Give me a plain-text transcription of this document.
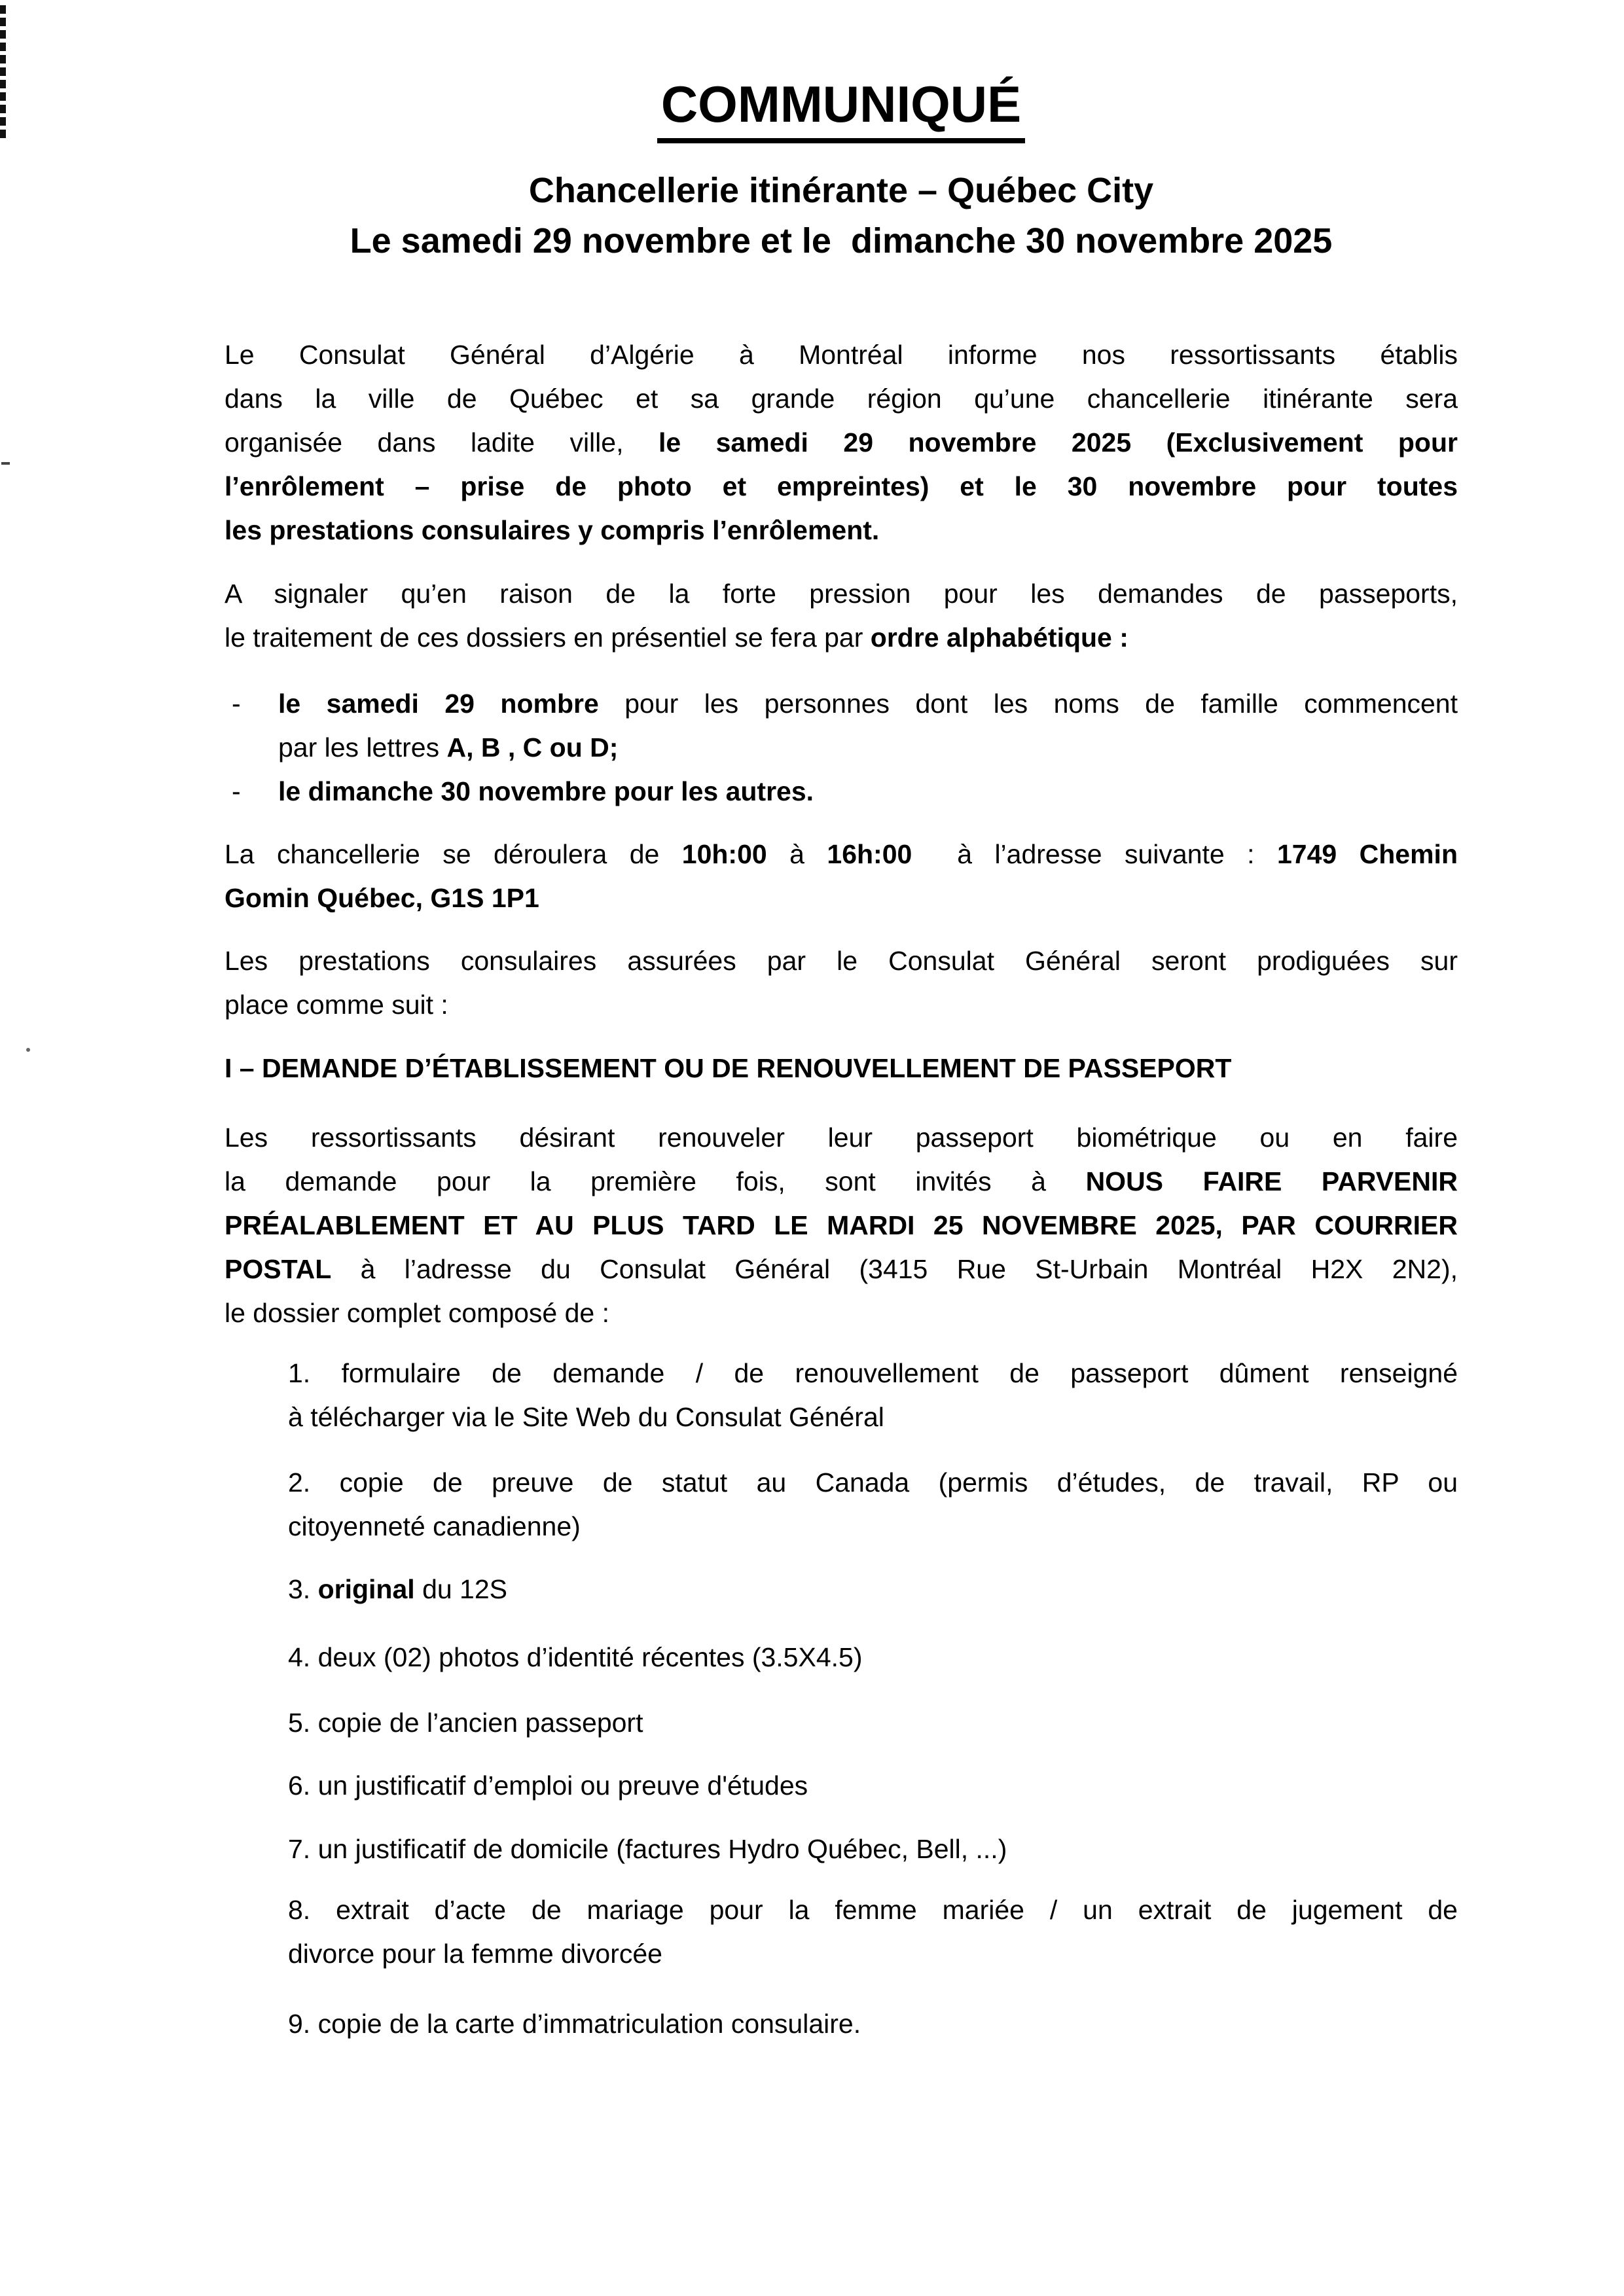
COMMUNIQUÉ
Chancellerie itinérante – Québec City
Le samedi 29 novembre et le  dimanche 30 novembre 2025
Le Consulat Général d’Algérie à Montréal informe nos ressortissants établis
dans la ville de Québec et sa grande région qu’une chancellerie itinérante sera
organisée dans ladite ville, le samedi 29 novembre 2025 (Exclusivement pour
l’enrôlement – prise de photo et empreintes) et le 30 novembre pour toutes
les prestations consulaires y compris l’enrôlement.
A signaler qu’en raison de la forte pression pour les demandes de passeports,
le traitement de ces dossiers en présentiel se fera par ordre alphabétique :
- le samedi 29 nombre pour les personnes dont les noms de famille commencent
par les lettres A, B , C ou D;
- le dimanche 30 novembre pour les autres.
La chancellerie se déroulera de 10h:00 à 16h:00  à l’adresse suivante : 1749 Chemin
Gomin Québec, G1S 1P1
Les prestations consulaires assurées par le Consulat Général seront prodiguées sur
place comme suit :
I – DEMANDE D’ÉTABLISSEMENT OU DE RENOUVELLEMENT DE PASSEPORT
Les ressortissants désirant renouveler leur passeport biométrique ou en faire
la demande pour la première fois, sont invités à NOUS FAIRE PARVENIR
PRÉALABLEMENT ET AU PLUS TARD LE MARDI 25 NOVEMBRE 2025, PAR COURRIER
POSTAL à l’adresse du Consulat Général (3415 Rue St-Urbain Montréal H2X 2N2),
le dossier complet composé de :
1. formulaire de demande / de renouvellement de passeport dûment renseigné
à télécharger via le Site Web du Consulat Général
2. copie de preuve de statut au Canada (permis d’études, de travail, RP ou
citoyenneté canadienne)
3. original du 12S
4. deux (02) photos d’identité récentes (3.5X4.5)
5. copie de l’ancien passeport
6. un justificatif d’emploi ou preuve d'études
7. un justificatif de domicile (factures Hydro Québec, Bell, ...)
8. extrait d’acte de mariage pour la femme mariée / un extrait de jugement de
divorce pour la femme divorcée
9. copie de la carte d’immatriculation consulaire.
